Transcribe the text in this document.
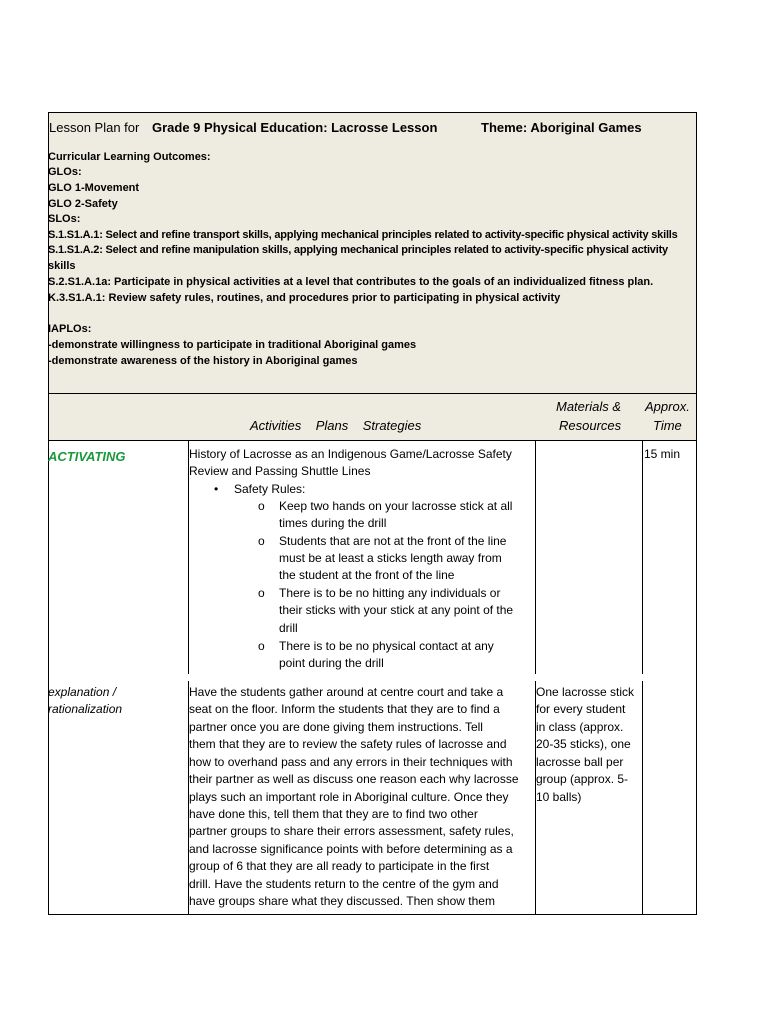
Lesson Plan for Grade 9 Physical Education: Lacrosse Lesson	Theme: Aboriginal Games
Curricular Learning Outcomes:
GLOs:
GLO 1-Movement
GLO 2-Safety
SLOs:
S.1.S1.A.1: Select and refine transport skills, applying mechanical principles related to activity-specific physical activity skills
S.1.S1.A.2: Select and refine manipulation skills, applying mechanical principles related to activity-specific physical activity
skills
S.2.S1.A.1a: Participate in physical activities at a level that contributes to the goals of an individualized fitness plan.
K.3.S1.A.1: Review safety rules, routines, and procedures prior to participating in physical activity
IAPLOs:
-demonstrate willingness to participate in traditional Aboriginal games
-demonstrate awareness of the history in Aboriginal games
Activities    Plans    Strategies
Materials &
Resources
Approx.
Time
ACTIVATING	History of Lacrosse as an Indigenous Game/Lacrosse Safety
Review and Passing Shuttle Lines
• Safety Rules:
o Keep two hands on your lacrosse stick at all
times during the drill
o Students that are not at the front of the line
must be at least a sticks length away from
the student at the front of the line
o There is to be no hitting any individuals or
their sticks with your stick at any point of the
drill
o There is to be no physical contact at any
point during the drill
15 min
explanation /
rationalization
Have the students gather around at centre court and take a
seat on the floor. Inform the students that they are to find a
partner once you are done giving them instructions. Tell
them that they are to review the safety rules of lacrosse and
how to overhand pass and any errors in their techniques with
their partner as well as discuss one reason each why lacrosse
plays such an important role in Aboriginal culture. Once they
have done this, tell them that they are to find two other
partner groups to share their errors assessment, safety rules,
and lacrosse significance points with before determining as a
group of 6 that they are all ready to participate in the first
drill. Have the students return to the centre of the gym and
have groups share what they discussed. Then show them
One lacrosse stick
for every student
in class (approx.
20-35 sticks), one
lacrosse ball per
group (approx. 5-
10 balls)
